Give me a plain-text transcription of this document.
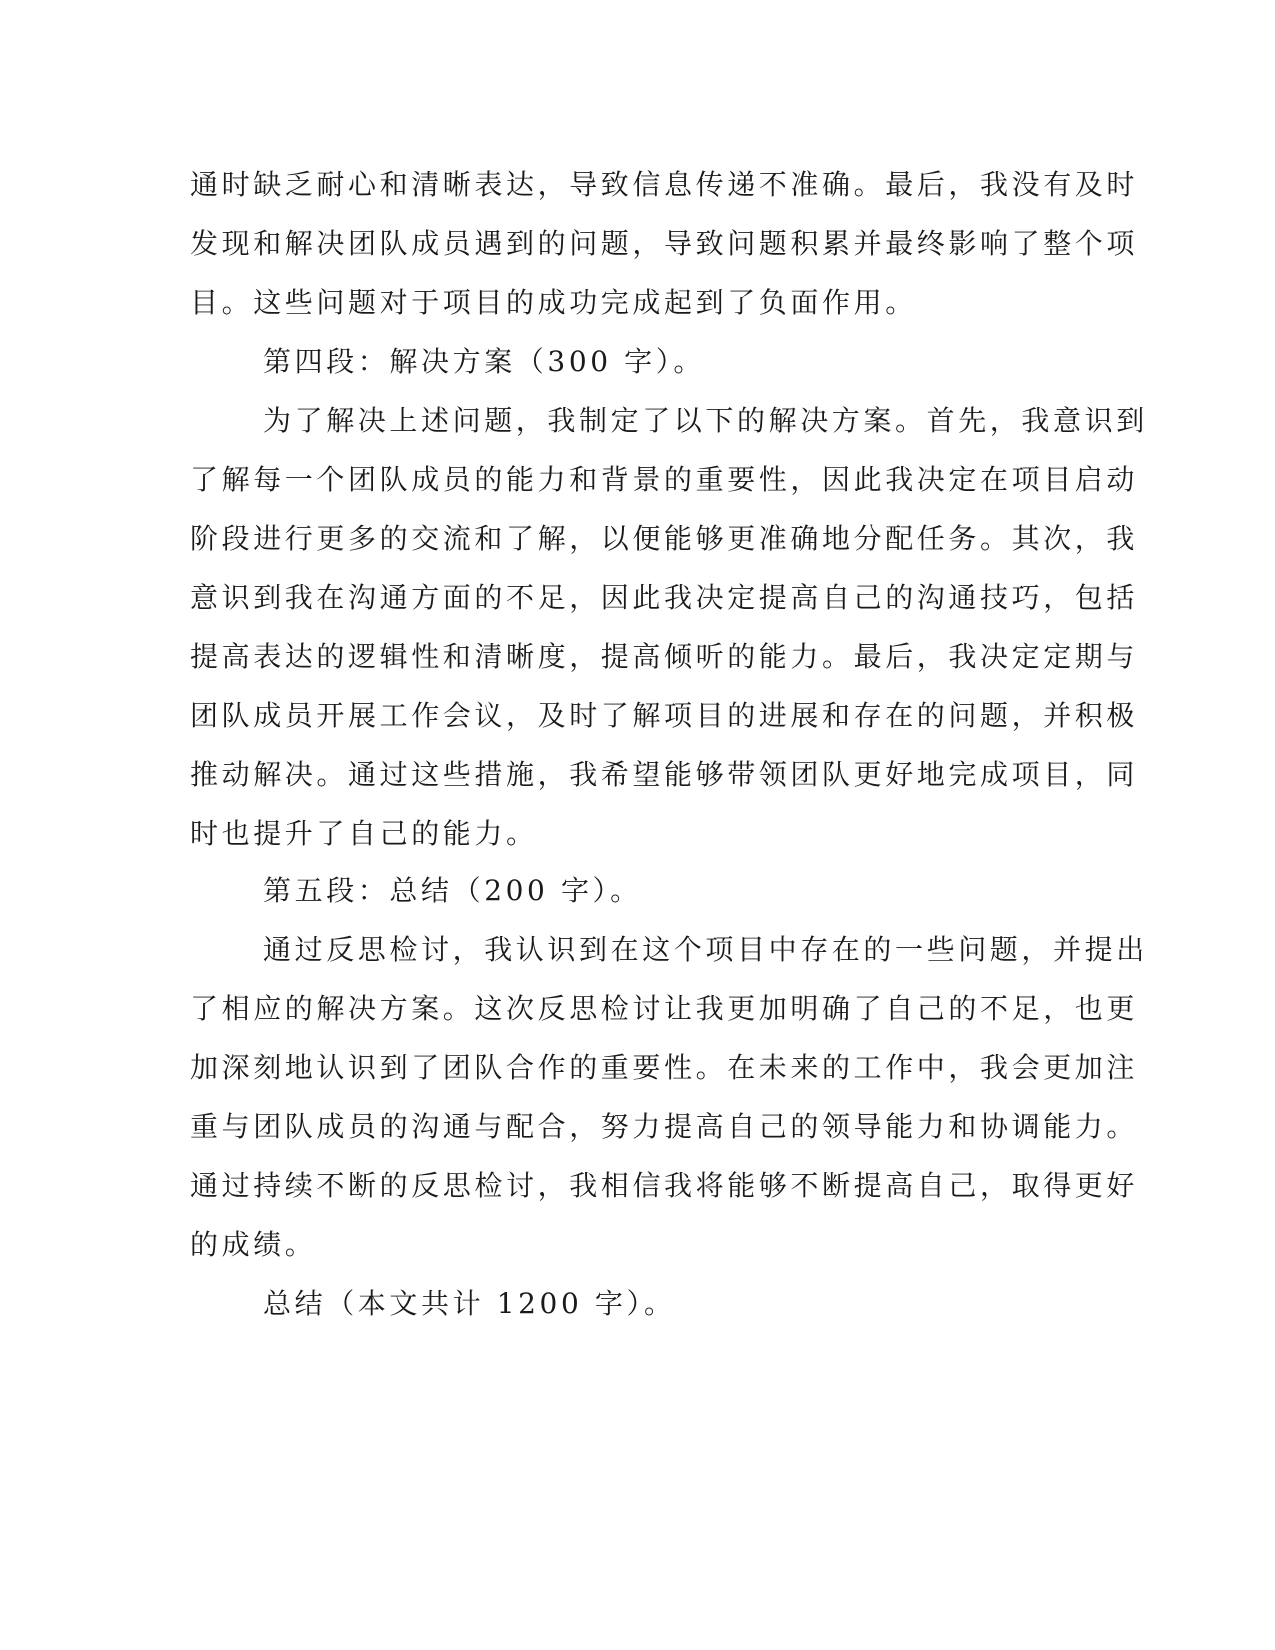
通时缺乏耐心和清晰表达，导致信息传递不准确。最后，我没有及时
发现和解决团队成员遇到的问题，导致问题积累并最终影响了整个项
目。这些问题对于项目的成功完成起到了负面作用。
第四段：解决方案（300 字）。
为了解决上述问题，我制定了以下的解决方案。首先，我意识到
了解每一个团队成员的能力和背景的重要性，因此我决定在项目启动
阶段进行更多的交流和了解，以便能够更准确地分配任务。其次，我
意识到我在沟通方面的不足，因此我决定提高自己的沟通技巧，包括
提高表达的逻辑性和清晰度，提高倾听的能力。最后，我决定定期与
团队成员开展工作会议，及时了解项目的进展和存在的问题，并积极
推动解决。通过这些措施，我希望能够带领团队更好地完成项目，同
时也提升了自己的能力。
第五段：总结（200 字）。
通过反思检讨，我认识到在这个项目中存在的一些问题，并提出
了相应的解决方案。这次反思检讨让我更加明确了自己的不足，也更
加深刻地认识到了团队合作的重要性。在未来的工作中，我会更加注
重与团队成员的沟通与配合，努力提高自己的领导能力和协调能力。
通过持续不断的反思检讨，我相信我将能够不断提高自己，取得更好
的成绩。
总结（本文共计 1200 字）。
